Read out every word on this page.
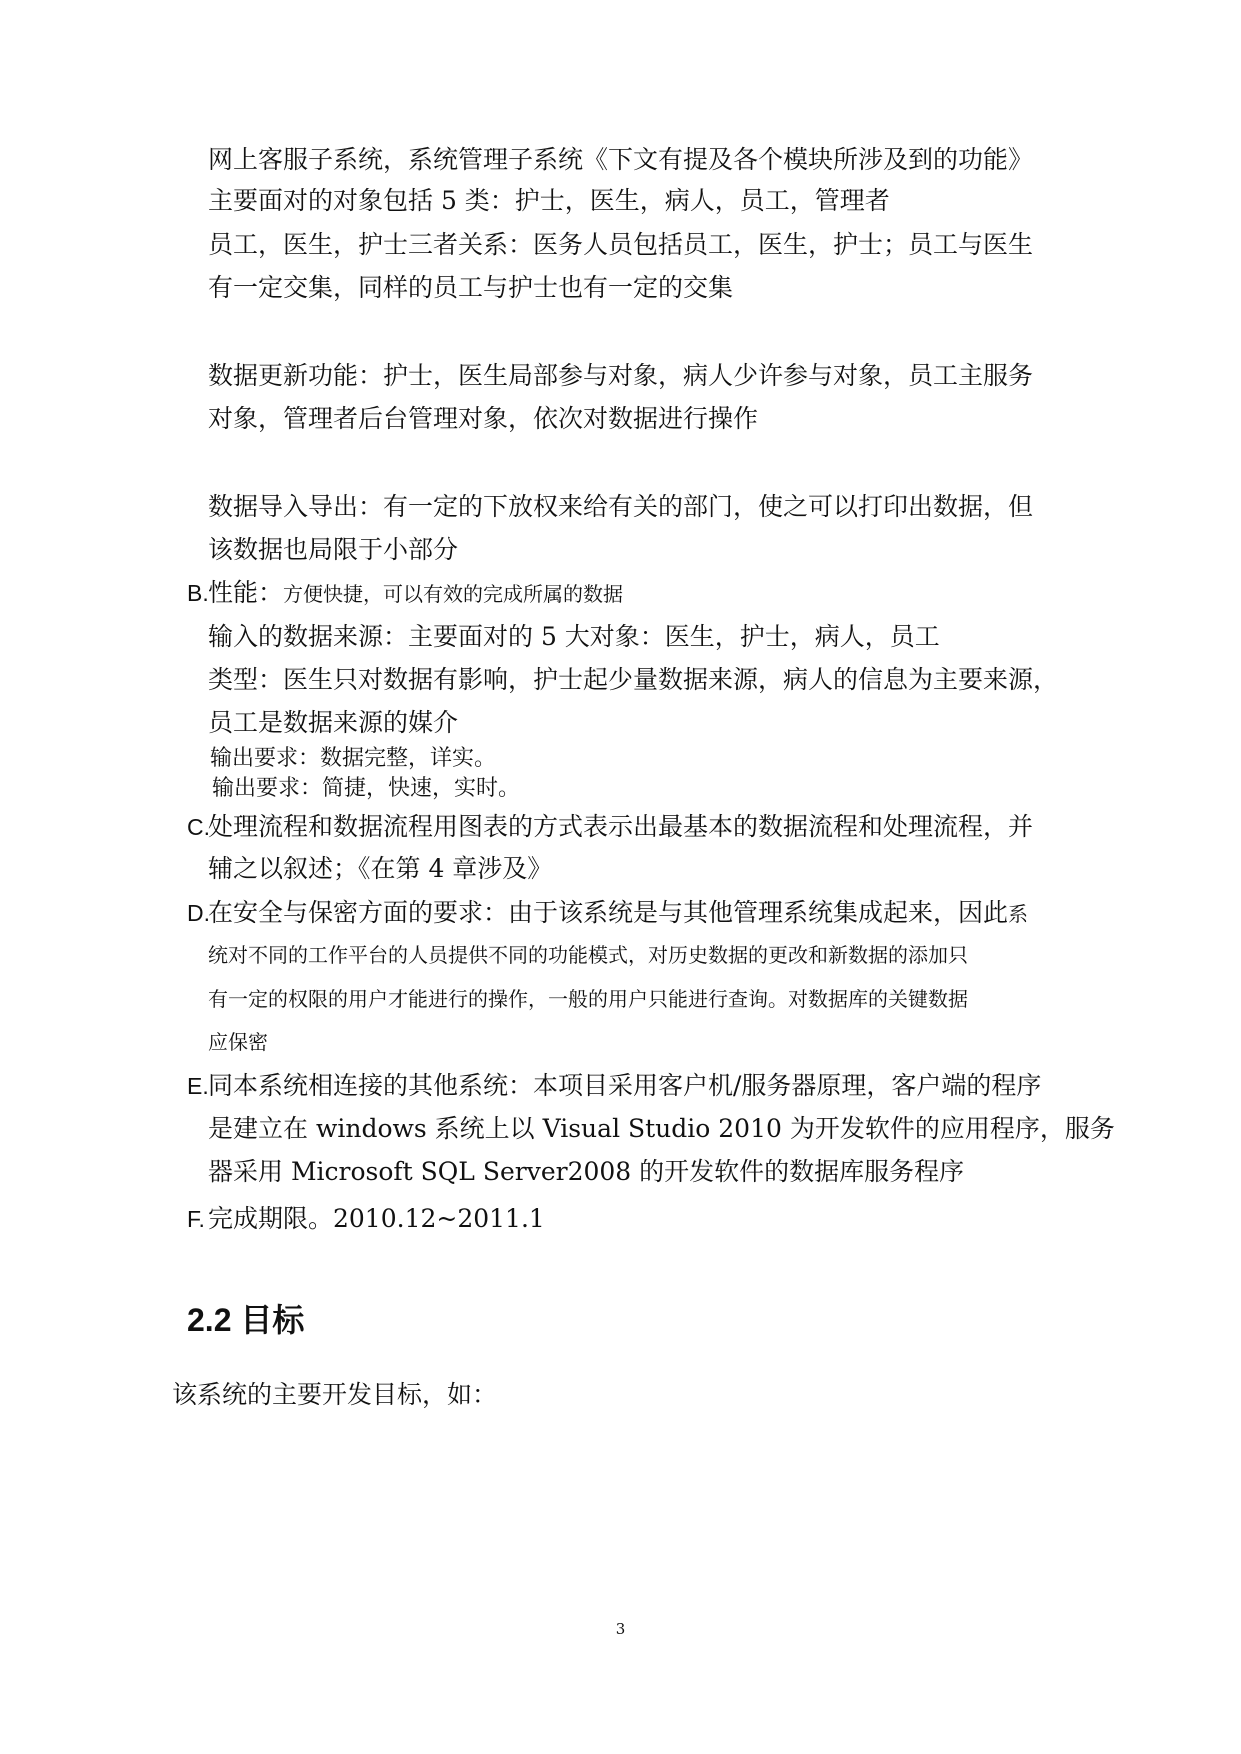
网上客服子系统，系统管理子系统《下文有提及各个模块所涉及到的功能》
主要面对的对象包括 5 类：护士，医生，病人，员工，管理者
员工，医生，护士三者关系：医务人员包括员工，医生，护士；员工与医生
有一定交集，同样的员工与护士也有一定的交集
数据更新功能：护士，医生局部参与对象，病人少许参与对象，员工主服务
对象，管理者后台管理对象，依次对数据进行操作
数据导入导出：有一定的下放权来给有关的部门，使之可以打印出数据，但
该数据也局限于小部分
B. 性能：方便快捷，可以有效的完成所属的数据
输入的数据来源：主要面对的 5 大对象：医生，护士，病人，员工
类型：医生只对数据有影响，护士起少量数据来源，病人的信息为主要来源，
员工是数据来源的媒介
输出要求：数据完整，详实。
输出要求：简捷，快速，实时。
C.
处理流程和数据流程用图表的方式表示出最基本的数据流程和处理流程，并
辅之以叙述；《在第 4 章涉及》
D.
在安全与保密方面的要求：由于该系统是与其他管理系统集成起来，因此系
统对不同的工作平台的人员提供不同的功能模式，对历史数据的更改和新数据的添加只
有一定的权限的用户才能进行的操作，一般的用户只能进行查询。对数据库的关键数据
应保密
E. 同本系统相连接的其他系统：本项目采用客户机/服务器原理，客户端的程序
是建立在 windows 系统上以 Visual Studio 2010 为开发软件的应用程序，服务
器采用 Microsoft SQL Server2008 的开发软件的数据库服务程序
F. 完成期限。2010.12~2011.1
2.2 目标
该系统的主要开发目标，如：
3
